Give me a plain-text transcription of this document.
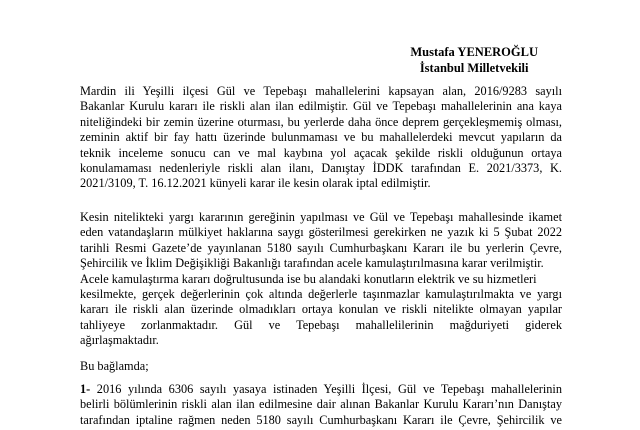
Mustafa YENEROĞLU
İstanbul Milletvekili
Mardin ili Yeşilli ilçesi Gül ve Tepebaşı mahallelerini kapsayan alan, 2016/9283 sayılı
Bakanlar Kurulu kararı ile riskli alan ilan edilmiştir. Gül ve Tepebaşı mahallelerinin ana kaya
niteliğindeki bir zemin üzerine oturması, bu yerlerde daha önce deprem gerçekleşmemiş olması,
zeminin aktif bir fay hattı üzerinde bulunmaması ve bu mahallelerdeki mevcut yapıların da
teknik inceleme sonucu can ve mal kaybına yol açacak şekilde riskli olduğunun ortaya
konulamaması nedenleriyle riskli alan ilanı, Danıştay İDDK tarafından E. 2021/3373, K.
2021/3109, T. 16.12.2021 künyeli karar ile kesin olarak iptal edilmiştir.
Kesin nitelikteki yargı kararının gereğinin yapılması ve Gül ve Tepebaşı mahallesinde ikamet
eden vatandaşların mülkiyet haklarına saygı gösterilmesi gerekirken ne yazık ki 5 Şubat 2022
tarihli Resmi Gazete’de yayınlanan 5180 sayılı Cumhurbaşkanı Kararı ile bu yerlerin Çevre,
Şehircilik ve İklim Değişikliği Bakanlığı tarafından acele kamulaştırılmasına karar verilmiştir.
Acele kamulaştırma kararı doğrultusunda ise bu alandaki konutların elektrik ve su hizmetleri
kesilmekte, gerçek değerlerinin çok altında değerlerle taşınmazlar kamulaştırılmakta ve yargı
kararı ile riskli alan üzerinde olmadıkları ortaya konulan ve riskli nitelikte olmayan yapılar
tahliyeye zorlanmaktadır. Gül ve Tepebaşı mahallelilerinin mağduriyeti giderek
ağırlaşmaktadır.
Bu bağlamda;
1- 2016 yılında 6306 sayılı yasaya istinaden Yeşilli İlçesi, Gül ve Tepebaşı mahallelerinin
belirli bölümlerinin riskli alan ilan edilmesine dair alınan Bakanlar Kurulu Kararı’nın Danıştay
tarafından iptaline rağmen neden 5180 sayılı Cumhurbaşkanı Kararı ile Çevre, Şehircilik ve
